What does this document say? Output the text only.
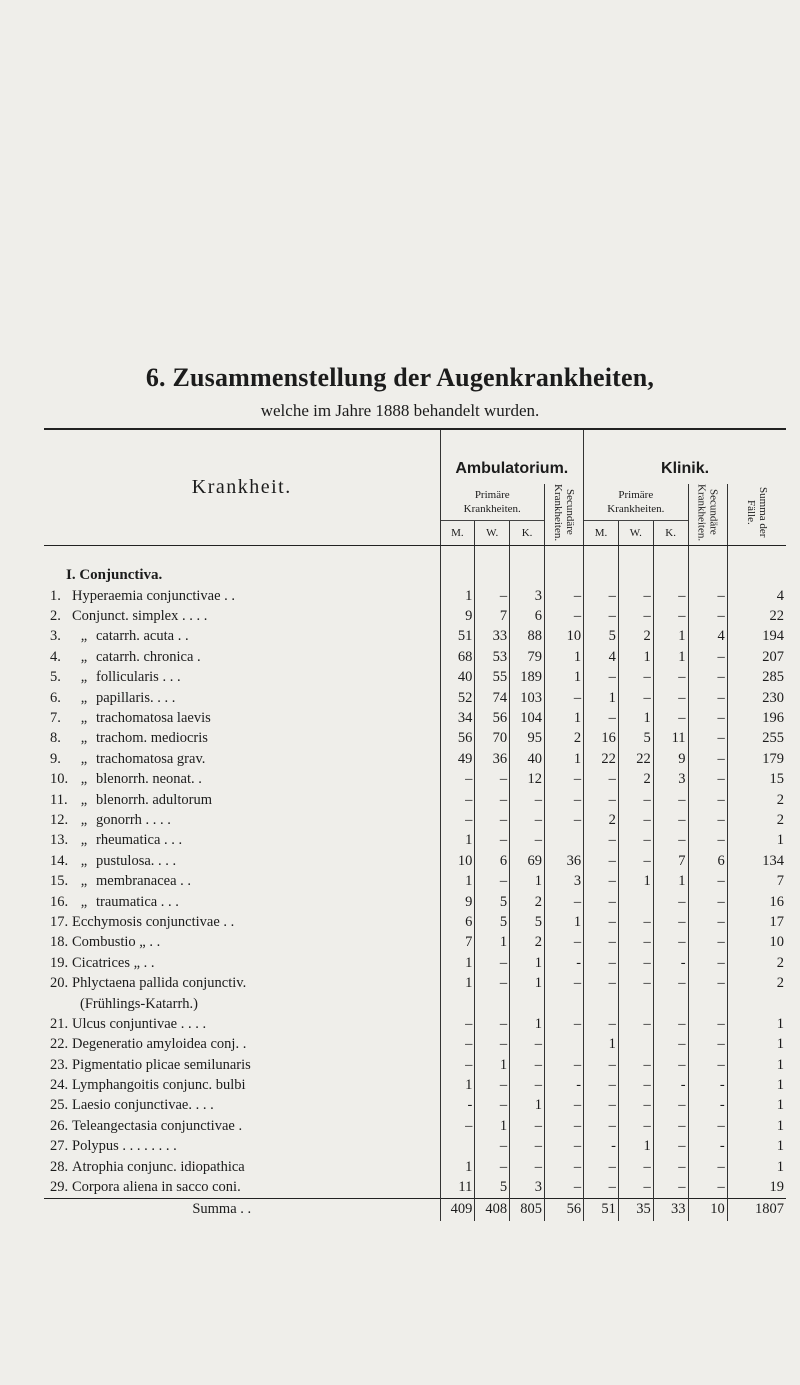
6. Zusammenstellung der Augenkrankheiten,
welche im Jahre 1888 behandelt wurden.

Krankheit.	Ambulatorium.				Klinik.				
	Primäre
Krankheiten.			Secundäre Krankheiten.	Primäre
Krankheiten.			Secundäre Krankheiten.	Summa der Fälle.
	M.	W.	K.		M.	W.	K.		
I. Conjunctiva.									
1. Hyperaemia conjunctivae . .	1	–	3	–	–	–	–	–	4
2. Conjunct. simplex . . . .	9	7	6	–	–	–	–	–	22
3. „ catarrh. acuta . .	51	33	88	10	5	2	1	4	194
4. „ catarrh. chronica .	68	53	79	1	4	1	1	–	207
5. „ follicularis . . .	40	55	189	1	–	–	–	–	285
6. „ papillaris. . . .	52	74	103	–	1	–	–	–	230
7. „ trachomatosa laevis	34	56	104	1	–	1	–	–	196
8. „ trachom. mediocris	56	70	95	2	16	5	11	–	255
9. „ trachomatosa grav.	49	36	40	1	22	22	9	–	179
10. „ blenorrh. neonat. .	–	–	12	–	–	2	3	–	15
11. „ blenorrh. adultorum	–	–	–	–	–	–	–	–	2
12. „ gonorrh . . . .	–	–	–	–	2	–	–	–	2
13. „ rheumatica . . .	1	–	–		–	–	–	–	1
14. „ pustulosa. . . .	10	6	69	36	–	–	7	6	134
15. „ membranacea . .	1	–	1	3	–	1	1	–	7
16. „ traumatica . . .	9	5	2	–	–		–	–	16
17. Ecchymosis conjunctivae . .	6	5	5	1	–	–	–	–	17
18. Combustio „ . .	7	1	2	–	–	–	–	–	10
19. Cicatrices „ . .	1	–	1	-	–	–	-	–	2
20. Phlyctaena pallida conjunctiv.	1	–	1	–	–	–	–	–	2
(Frühlings-Katarrh.)									
21. Ulcus conjuntivae . . . .	–	–	1	–	–	–	–	–	1
22. Degeneratio amyloidea conj. .	–	–	–		1		–	–	1
23. Pigmentatio plicae semilunaris	–	1	–	–	–	–	–	–	1
24. Lymphangoitis conjunc. bulbi	1	–	–	-	–	–	-	-	1
25. Laesio conjunctivae. . . .	-	–	1	–	–	–	–	-	1
26. Teleangectasia conjunctivae .	–	1	–	–	–	–	–	–	1
27. Polypus . . . . . . . .		–	–	–	-	1	–	-	1
28. Atrophia conjunc. idiopathica	1	–	–	–	–	–	–	–	1
29. Corpora aliena in sacco coni.	11	5	3	–	–	–	–	–	19
Summa . .	409	408	805	56	51	35	33	10	1807
